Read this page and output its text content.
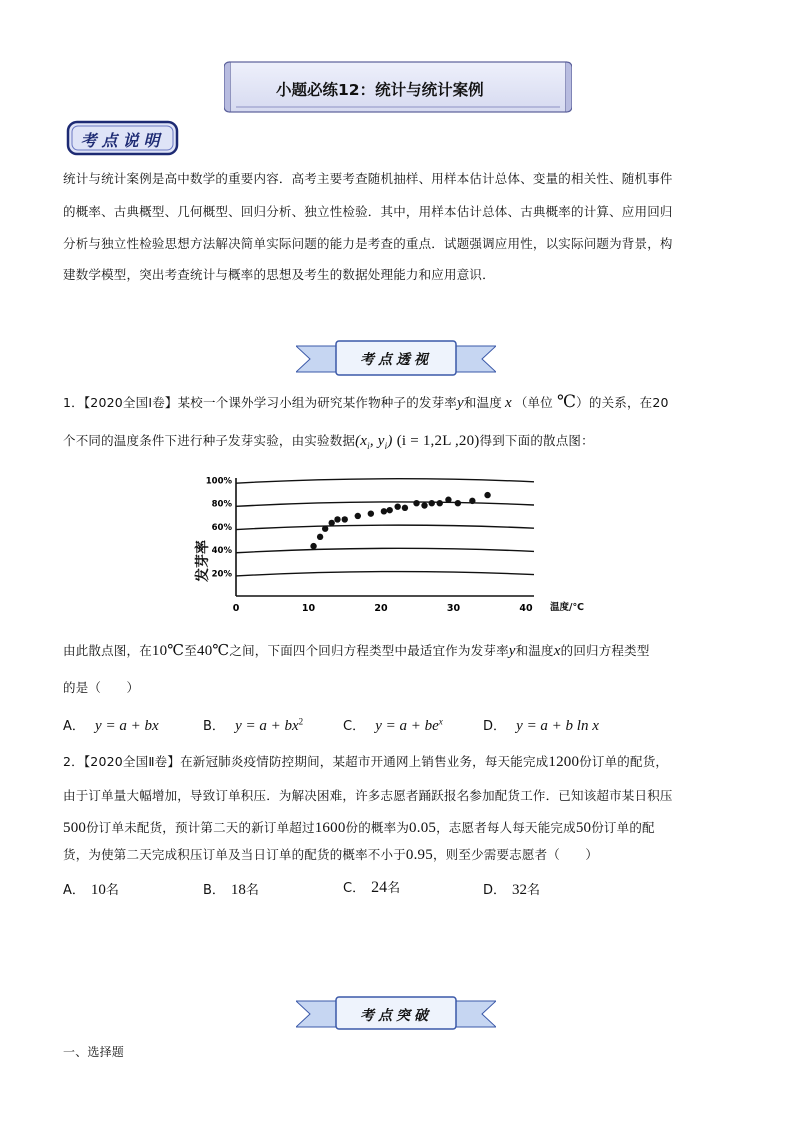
小题必练12：统计与统计案例
考点说明
统计与统计案例是高中数学的重要内容．高考主要考查随机抽样、用样本估计总体、变量的相关性、随机事件
的概率、古典概型、几何概型、回归分析、独立性检验．其中，用样本估计总体、古典概率的计算、应用回归
分析与独立性检验思想方法解决简单实际问题的能力是考查的重点．试题强调应用性，以实际问题为背景，构
建数学模型，突出考查统计与概率的思想及考生的数据处理能力和应用意识．
考点透视
1．【2020全国Ⅰ卷】某校一个课外学习小组为研究某作物种子的发芽率y和温度 x （单位 ℃）的关系，在20
个不同的温度条件下进行种子发芽实验，由实验数据($x_i$, $y_i$) (i = 1,2L ,20)得到下面的散点图：
20%
40%
60%
80%
100%
0	10	20	30	40 温度/℃
发芽率
由此散点图，在10℃至40℃之间，下面四个回归方程类型中最适宜作为发芽率y和温度x的回归方程类型
的是（　　）
A． y = a + bx	B． $y = a + bx^2$	C． $y = a + be^x$	D． y = a + b ln x
2．【2020全国Ⅱ卷】在新冠肺炎疫情防控期间，某超市开通网上销售业务，每天能完成1200份订单的配货，
由于订单量大幅增加，导致订单积压．为解决困难，许多志愿者踊跃报名参加配货工作．已知该超市某日积压
500份订单未配货，预计第二天的新订单超过1600份的概率为0.05，志愿者每人每天能完成50份订单的配
货，为使第二天完成积压订单及当日订单的配货的概率不小于0.95，则至少需要志愿者（　　）
A． 10名	B． 18名	C． 24名	D． 32名
考点突破
一、选择题
